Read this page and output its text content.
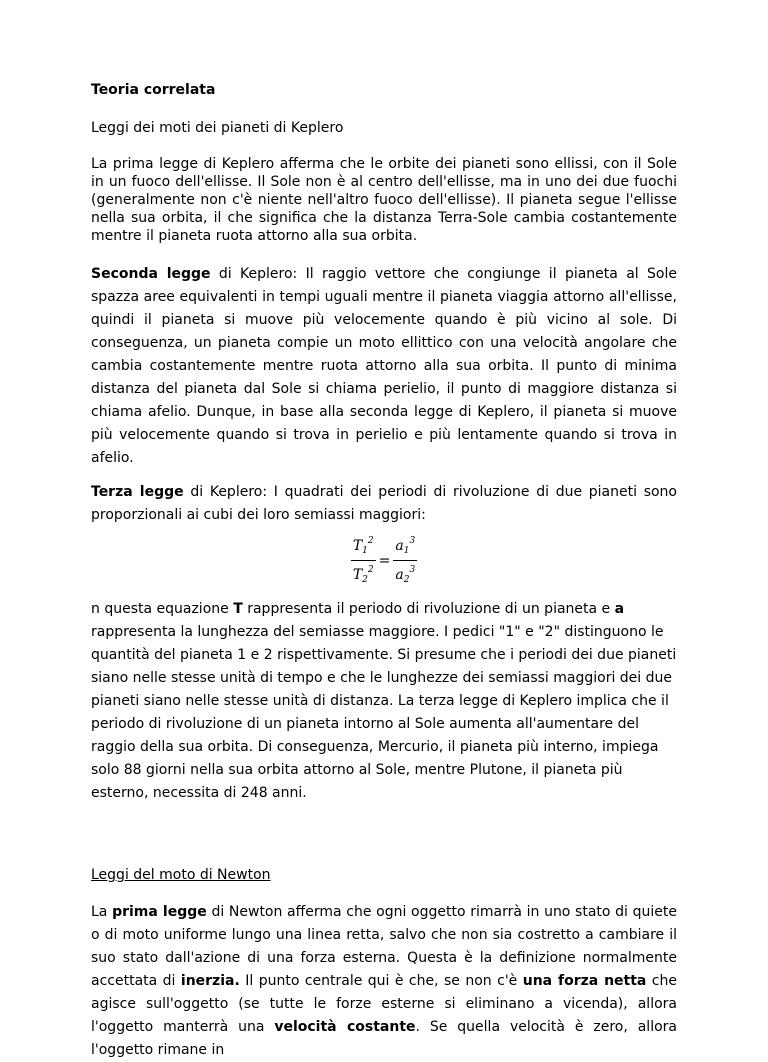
Teoria correlata

Leggi dei moti dei pianeti di Keplero

La prima legge di Keplero afferma che le orbite dei pianeti sono ellissi, con il Sole in un fuoco dell'ellisse. Il Sole non è al centro dell'ellisse, ma in uno dei due fuochi (generalmente non c'è niente nell'altro fuoco dell'ellisse). Il pianeta segue l'ellisse nella sua orbita, il che significa che la distanza Terra-Sole cambia costantemente mentre il pianeta ruota attorno alla sua orbita.

Seconda legge di Keplero: Il raggio vettore che congiunge il pianeta al Sole spazza aree equivalenti in tempi uguali mentre il pianeta viaggia attorno all'ellisse, quindi il pianeta si muove più velocemente quando è più vicino al sole. Di conseguenza, un pianeta compie un moto ellittico con una velocità angolare che cambia costantemente mentre ruota attorno alla sua orbita. Il punto di minima distanza del pianeta dal Sole si chiama perielio, il punto di maggiore distanza si chiama afelio. Dunque, in base alla seconda legge di Keplero, il pianeta si muove più velocemente quando si trova in perielio e più lentamente quando si trova in afelio.

Terza legge di Keplero: I quadrati dei periodi di rivoluzione di due pianeti sono proporzionali ai cubi dei loro semiassi maggiori:

$\frac{T_1^2}{T_2^2} = \frac{a_1^3}{a_2^3}$

n questa equazione T rappresenta il periodo di rivoluzione di un pianeta e a rappresenta la lunghezza del semiasse maggiore. I pedici "1" e "2" distinguono le quantità del pianeta 1 e 2 rispettivamente. Si presume che i periodi dei due pianeti siano nelle stesse unità di tempo e che le lunghezze dei semiassi maggiori dei due pianeti siano nelle stesse unità di distanza. La terza legge di Keplero implica che il periodo di rivoluzione di un pianeta intorno al Sole aumenta all'aumentare del raggio della sua orbita. Di conseguenza, Mercurio, il pianeta più interno, impiega solo 88 giorni nella sua orbita attorno al Sole, mentre Plutone, il pianeta più esterno, necessita di 248 anni.

Leggi del moto di Newton

La prima legge di Newton afferma che ogni oggetto rimarrà in uno stato di quiete o di moto uniforme lungo una linea retta, salvo che non sia costretto a cambiare il suo stato dall'azione di una forza esterna. Questa è la definizione normalmente accettata di inerzia. Il punto centrale qui è che, se non c'è una forza netta che agisce sull'oggetto (se tutte le forze esterne si eliminano a vicenda), allora l'oggetto manterrà una velocità costante. Se quella velocità è zero, allora l'oggetto rimane in
